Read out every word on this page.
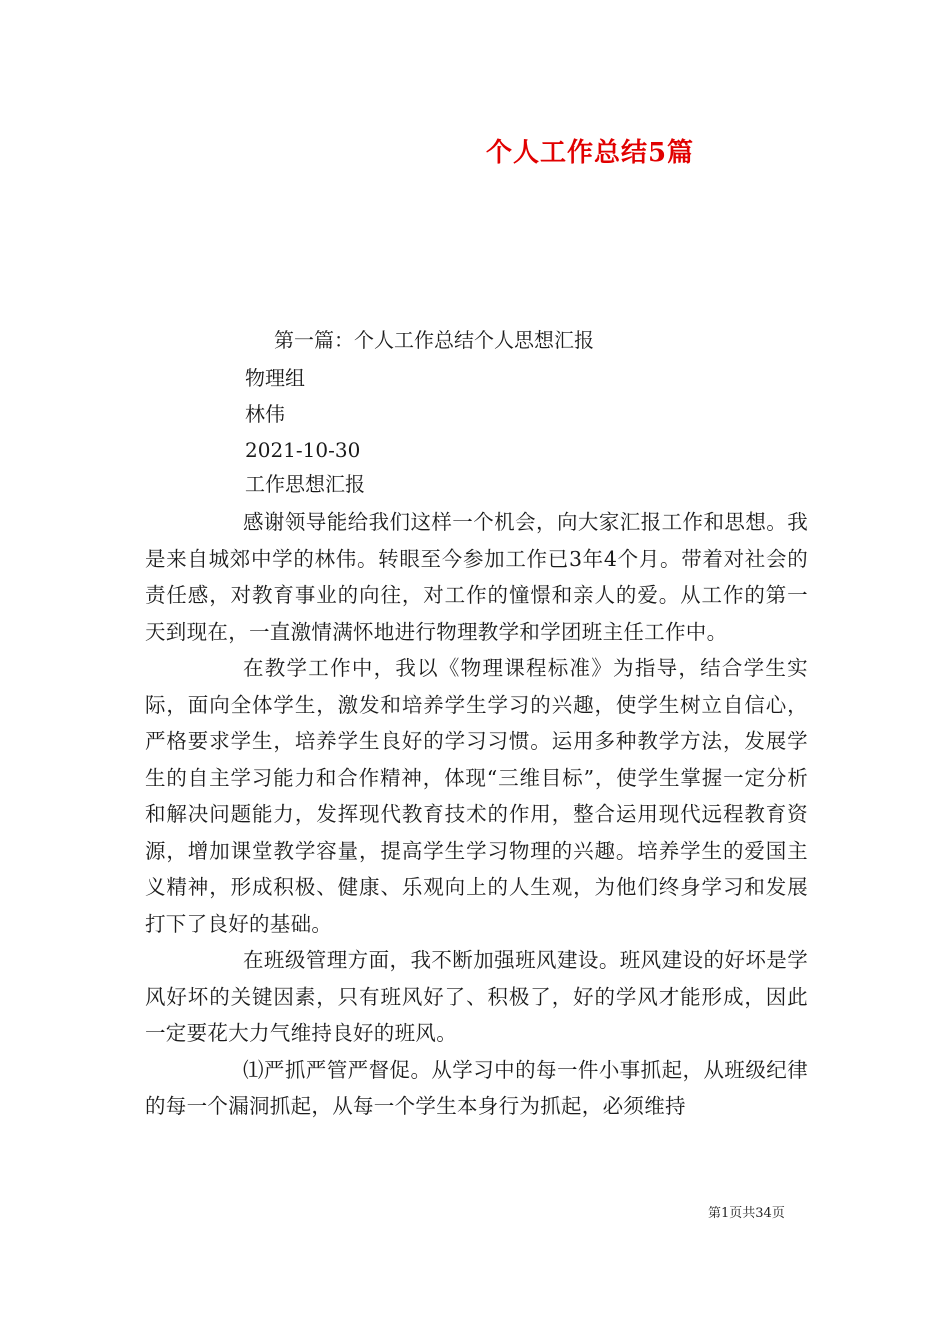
个人工作总结5篇
第一篇：个人工作总结个人思想汇报
物理组
林伟
2021-10-30
工作思想汇报

感谢领导能给我们这样一个机会，向大家汇报工作和思想。我是来自城郊中学的林伟。转眼至今参加工作已3年4个月。带着对社会的责任感，对教育事业的向往，对工作的憧憬和亲人的爱。从工作的第一天到现在，一直激情满怀地进行物理教学和学团班主任工作中。

在教学工作中，我以《物理课程标准》为指导，结合学生实际，面向全体学生，激发和培养学生学习的兴趣，使学生树立自信心，严格要求学生，培养学生良好的学习习惯。运用多种教学方法，发展学生的自主学习能力和合作精神，体现“三维目标”，使学生掌握一定分析和解决问题能力，发挥现代教育技术的作用，整合运用现代远程教育资源，增加课堂教学容量，提高学生学习物理的兴趣。培养学生的爱国主义精神，形成积极、健康、乐观向上的人生观，为他们终身学习和发展打下了良好的基础。

在班级管理方面，我不断加强班风建设。班风建设的好坏是学风好坏的关键因素，只有班风好了、积极了，好的学风才能形成，因此一定要花大力气维持良好的班风。

⑴严抓严管严督促。从学习中的每一件小事抓起，从班级纪律的每一个漏洞抓起，从每一个学生本身行为抓起，必须维持

第1页共34页
